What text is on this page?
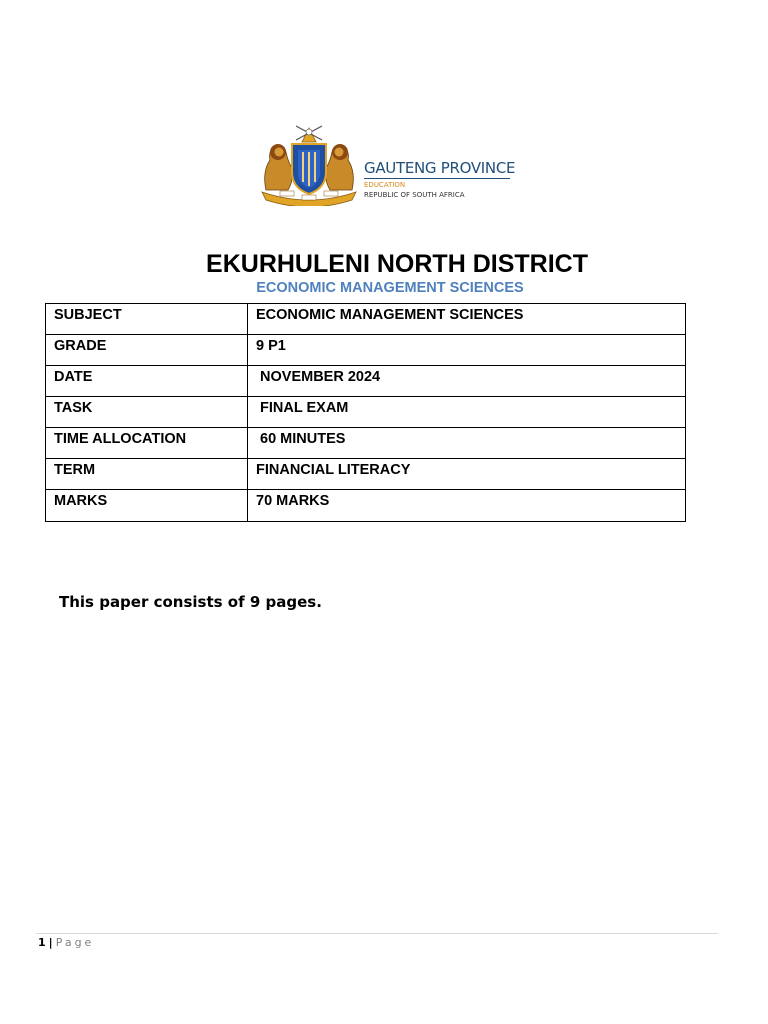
GAUTENG PROVINCE
EDUCATION
REPUBLIC OF SOUTH AFRICA
EKURHULENI NORTH DISTRICT
ECONOMIC MANAGEMENT SCIENCES
SUBJECT	ECONOMIC MANAGEMENT SCIENCES
GRADE	9 P1
DATE	NOVEMBER 2024
TASK	FINAL EXAM
TIME ALLOCATION	60 MINUTES
TERM	FINANCIAL LITERACY
MARKS	70 MARKS
This paper consists of 9 pages.
1 | Page
